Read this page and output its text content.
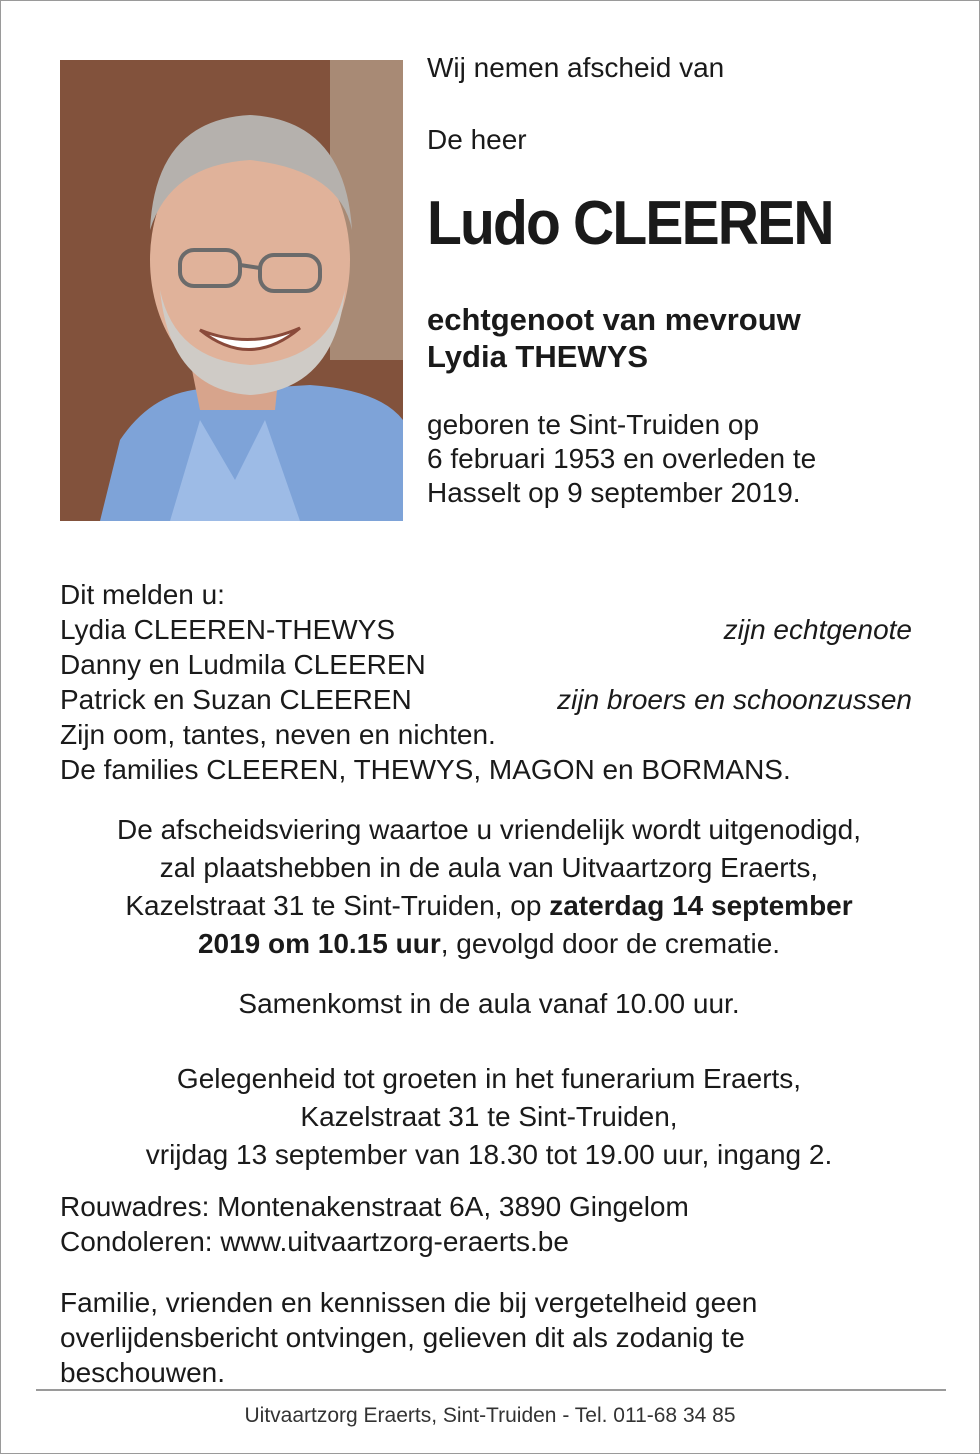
Wij nemen afscheid van

De heer

Ludo CLEEREN

echtgenoot van mevrouw
Lydia THEWYS
geboren te Sint-Truiden op
6 februari 1953 en overleden te
Hasselt op 9 september 2019.
Dit melden u:
Lydia CLEEREN-THEWYS	zijn echtgenote
Danny en Ludmila CLEEREN
Patrick en Suzan CLEEREN	zijn broers en schoonzussen
Zijn oom, tantes, neven en nichten.
De families CLEEREN, THEWYS, MAGON en BORMANS.
De afscheidsviering waartoe u vriendelijk wordt uitgenodigd,
zal plaatshebben in de aula van Uitvaartzorg Eraerts,
Kazelstraat 31 te Sint-Truiden, op zaterdag 14 september
2019 om 10.15 uur, gevolgd door de crematie.
Samenkomst in de aula vanaf 10.00 uur.
Gelegenheid tot groeten in het funerarium Eraerts,
Kazelstraat 31 te Sint-Truiden,
vrijdag 13 september van 18.30 tot 19.00 uur, ingang 2.
Rouwadres: Montenakenstraat 6A, 3890 Gingelom
Condoleren: www.uitvaartzorg-eraerts.be
Familie, vrienden en kennissen die bij vergetelheid geen
overlijdensbericht ontvingen, gelieven dit als zodanig te
beschouwen.
Uitvaartzorg Eraerts, Sint-Truiden - Tel. 011-68 34 85
